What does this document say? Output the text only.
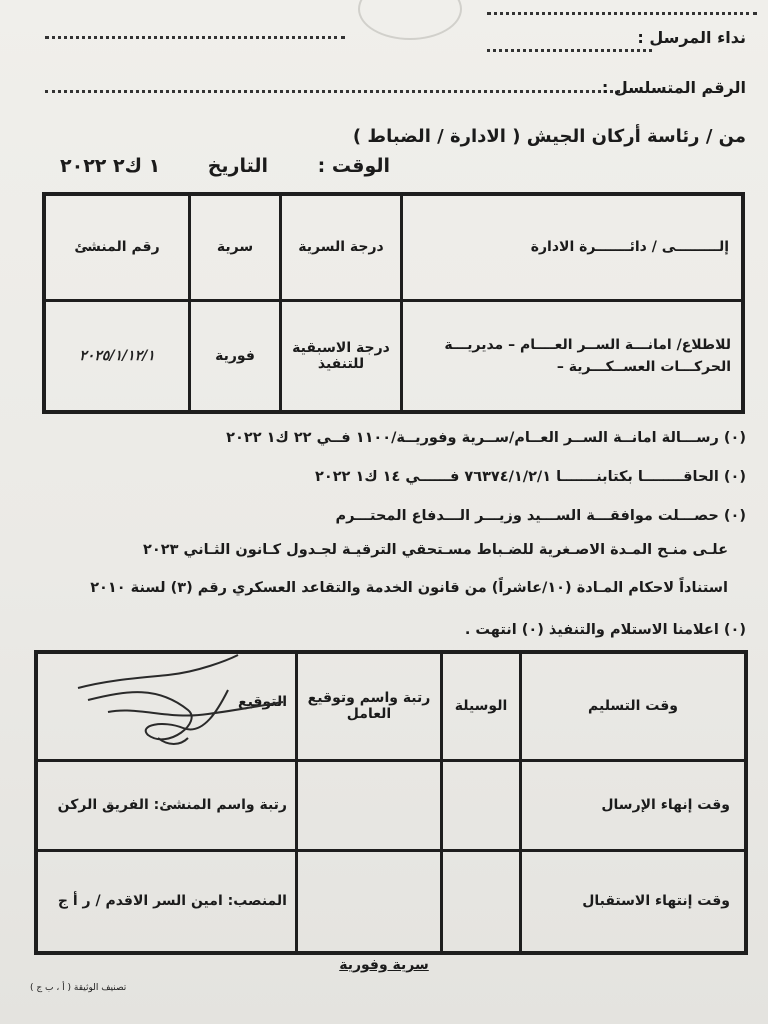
نداء المرسل :
الرقم المتسلسل :
من / رئاسة أركان الجيش ( الادارة / الضباط )
الوقت :
التاريخ
١ ك٢ ٢٠٢٢
إلـــــــــى / دائـــــــرة الادارة	درجة السرية	سرية	رقم المنشئ
للاطلاع/ امانـــة الســر العــــام – مديريـــة الحركـــات العســكـــرية –	درجة الاسبقية للتنفيذ	فورية	٢٠٢٥/١/١٢/١
(٠) رســـالة امانــة الســر العــام/ســرية وفوريــة/١١٠٠ فــي ٢٢ ك١ ٢٠٢٢
(٠) الحاقــــــــا بكتابنـــــــا ٧٦٣٧٤/١/٢/١ فــــــي ١٤ ك١ ٢٠٢٢
(٠) حصـــلت موافقـــة الســـيد وزيـــر الـــدفاع المحتـــرم
علـى منـح المـدة الاصـغرية للضـباط مسـتحقي الترقيـة لجـدول كـانون الثـاني ٢٠٢٣
استناداً لاحكام المـادة (١٠/عاشراً) من قانون الخدمة والتقاعد العسكري رقم (٣) لسنة ٢٠١٠
(٠) اعلامنا الاستلام والتنفيذ (٠) انتهت .
وقت التسليم	الوسيلة	رتبة واسم وتوقيع العامل	التوقيع
وقت إنهاء الإرسال			رتبة واسم المنشئ: الفريق الركن
وقت إنتهاء الاستقبال			المنصب: امين السر الاقدم / ر أ ج
سرية وفورية
تصنيف الوثيقة ( أ ، ب ج )
